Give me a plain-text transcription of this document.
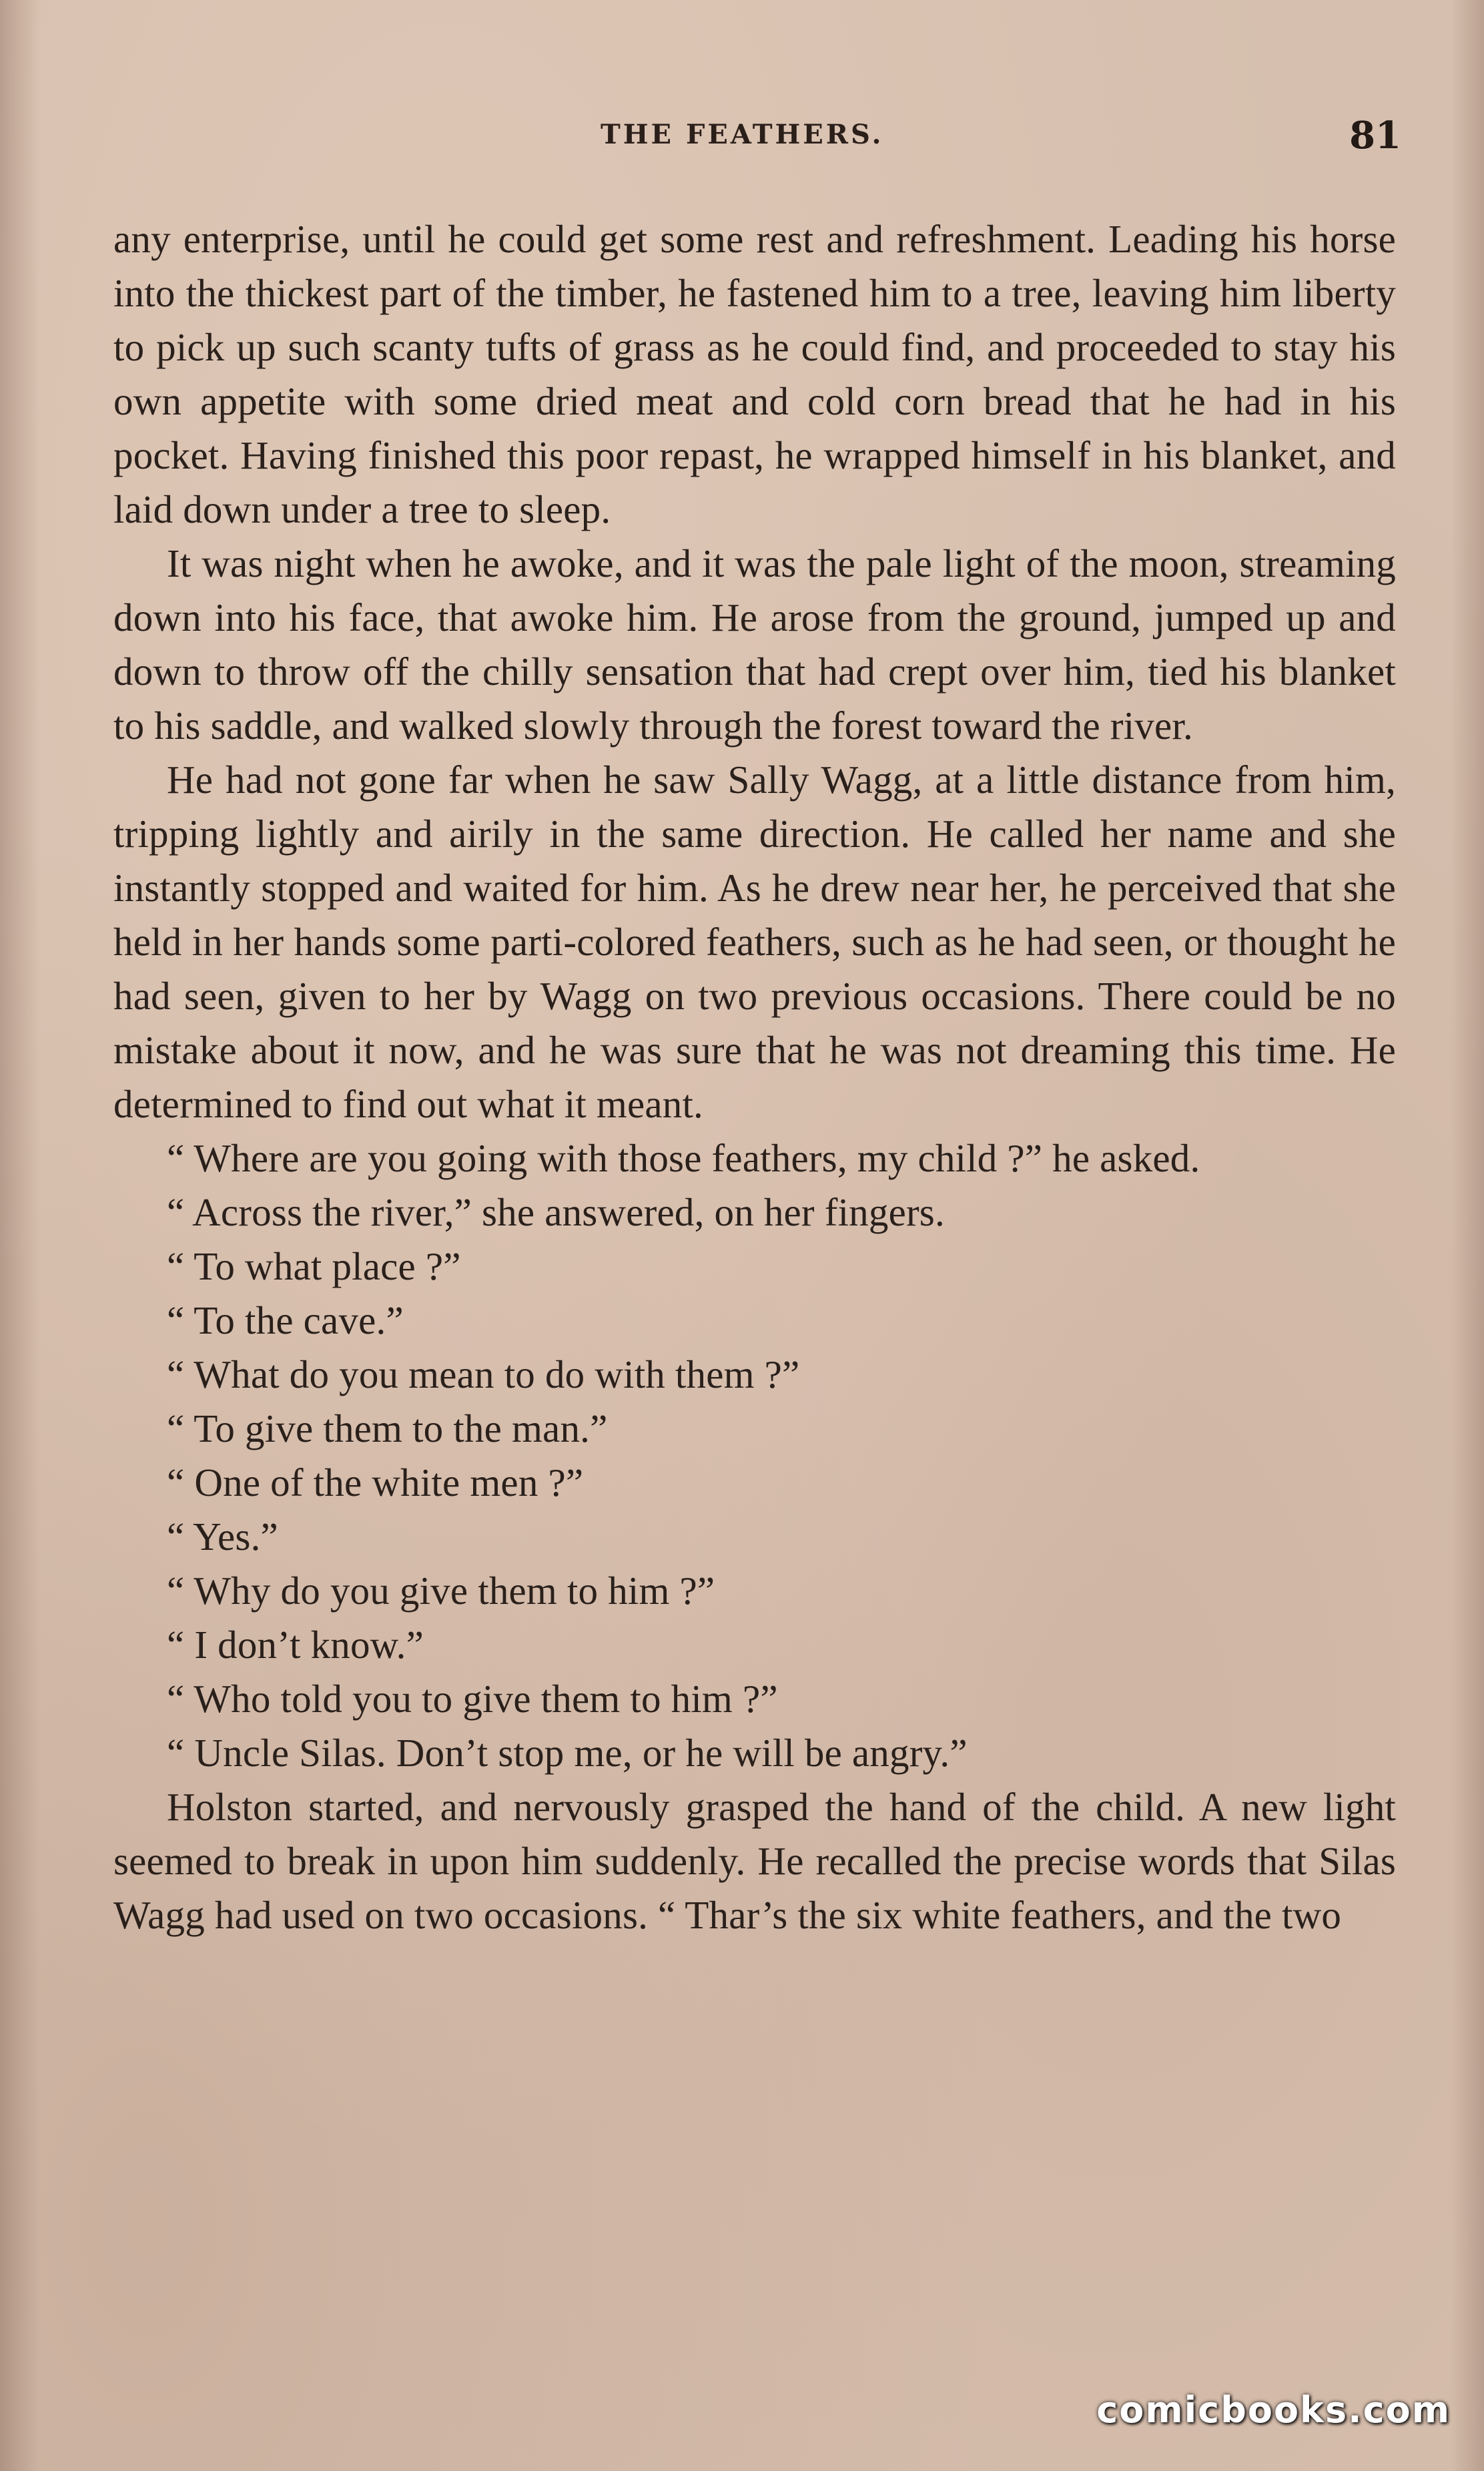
THE FEATHERS.	81

any enterprise, until he could get some rest and refreshment. Leading his horse into the thickest part of the timber, he fastened him to a tree, leaving him liberty to pick up such scanty tufts of grass as he could find, and proceeded to stay his own appetite with some dried meat and cold corn bread that he had in his pocket. Having finished this poor repast, he wrapped himself in his blanket, and laid down under a tree to sleep.

It was night when he awoke, and it was the pale light of the moon, streaming down into his face, that awoke him. He arose from the ground, jumped up and down to throw off the chilly sensation that had crept over him, tied his blanket to his saddle, and walked slowly through the forest toward the river.

He had not gone far when he saw Sally Wagg, at a little distance from him, tripping lightly and airily in the same direction. He called her name and she instantly stopped and waited for him. As he drew near her, he perceived that she held in her hands some parti-colored feathers, such as he had seen, or thought he had seen, given to her by Wagg on two previous occasions. There could be no mistake about it now, and he was sure that he was not dreaming this time. He determined to find out what it meant.

“ Where are you going with those feathers, my child ?” he asked.

“ Across the river,” she answered, on her fingers.

“ To what place ?”

“ To the cave.”

“ What do you mean to do with them ?”

“ To give them to the man.”

“ One of the white men ?”

“ Yes.”

“ Why do you give them to him ?”

“ I don’t know.”

“ Who told you to give them to him ?”

“ Uncle Silas. Don’t stop me, or he will be angry.”

Holston started, and nervously grasped the hand of the child. A new light seemed to break in upon him suddenly. He recalled the precise words that Silas Wagg had used on two occasions. “ Thar’s the six white feathers, and the two

comicbooks.com
